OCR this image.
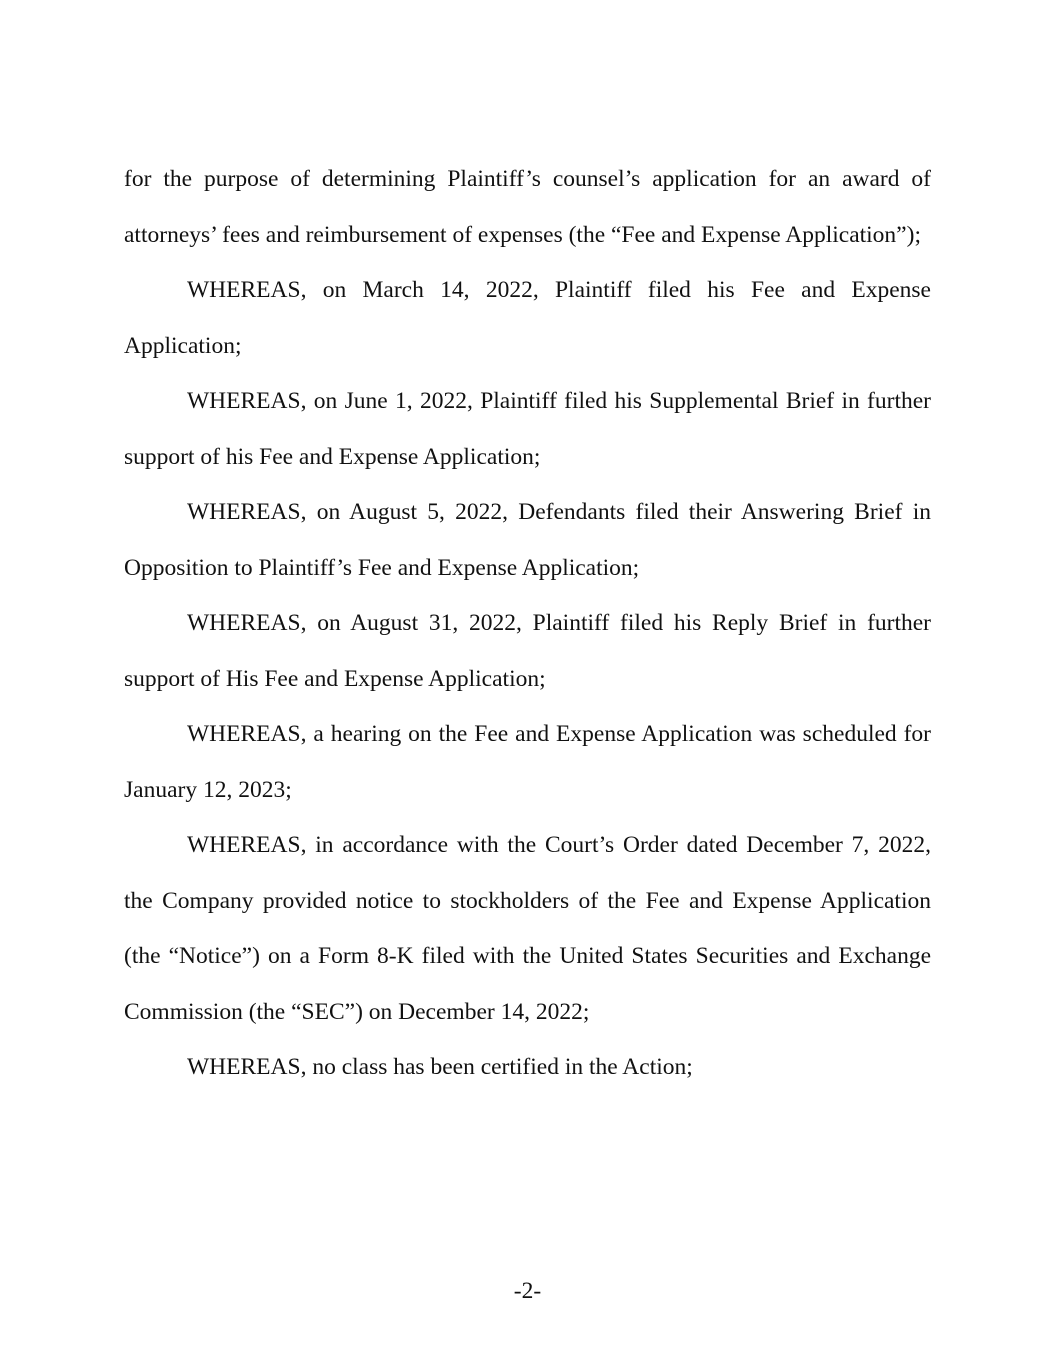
for the purpose of determining Plaintiff’s counsel’s application for an award of attorneys’ fees and reimbursement of expenses (the “Fee and Expense Application”);

WHEREAS, on March 14, 2022, Plaintiff filed his Fee and Expense Application;

WHEREAS, on June 1, 2022, Plaintiff filed his Supplemental Brief in further support of his Fee and Expense Application;

WHEREAS, on August 5, 2022, Defendants filed their Answering Brief in Opposition to Plaintiff’s Fee and Expense Application;

WHEREAS, on August 31, 2022, Plaintiff filed his Reply Brief in further support of His Fee and Expense Application;

WHEREAS, a hearing on the Fee and Expense Application was scheduled for January 12, 2023;

WHEREAS, in accordance with the Court’s Order dated December 7, 2022, the Company provided notice to stockholders of the Fee and Expense Application (the “Notice”) on a Form 8-K filed with the United States Securities and Exchange Commission (the “SEC”) on December 14, 2022;

WHEREAS, no class has been certified in the Action;

-2-
